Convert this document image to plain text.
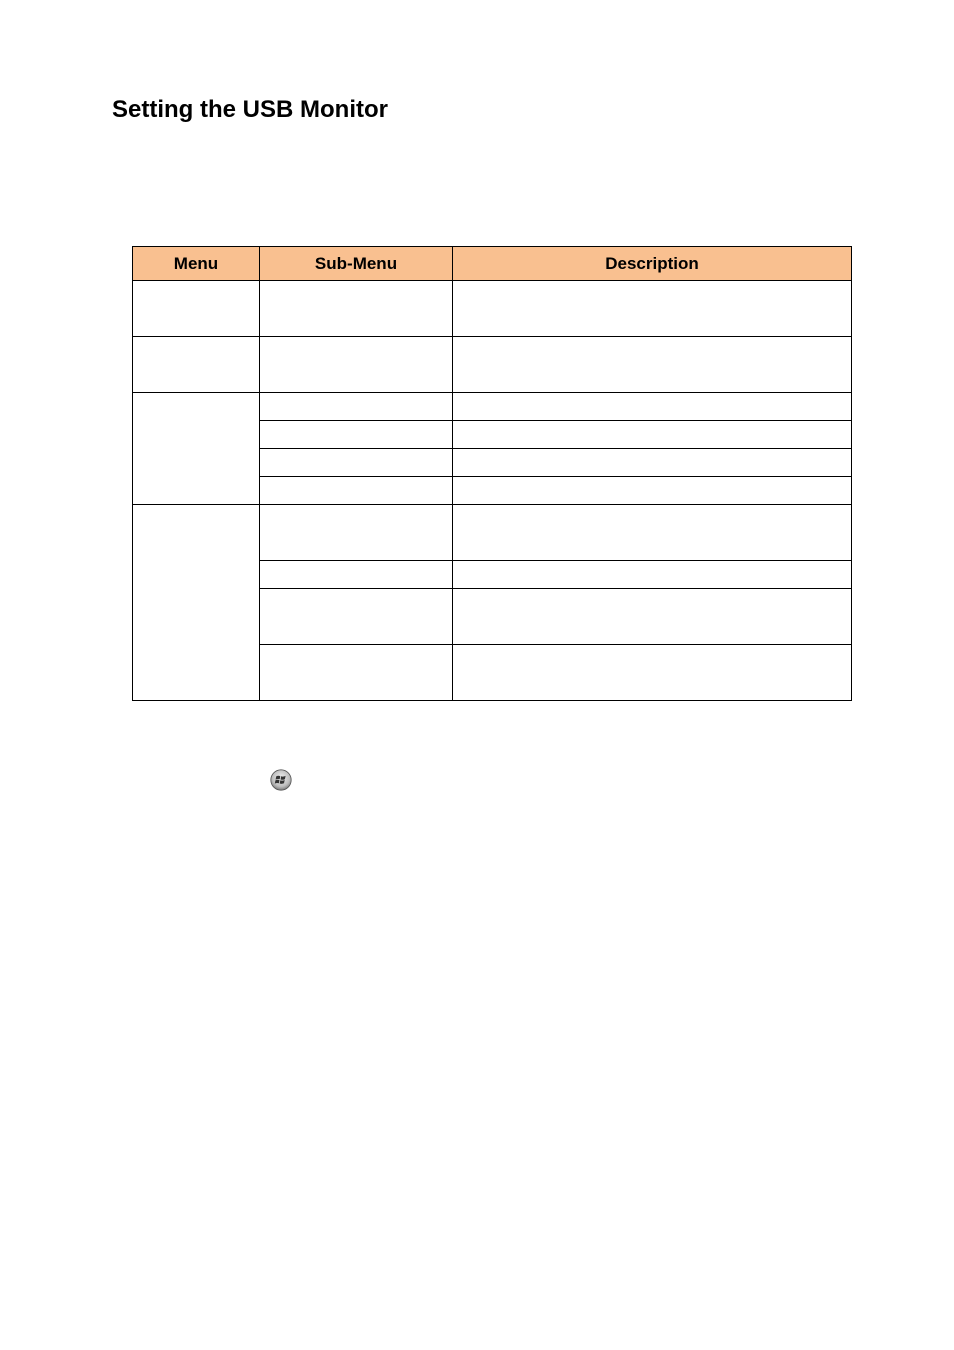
Setting the USB Monitor
Menu	Sub-Menu	Description
